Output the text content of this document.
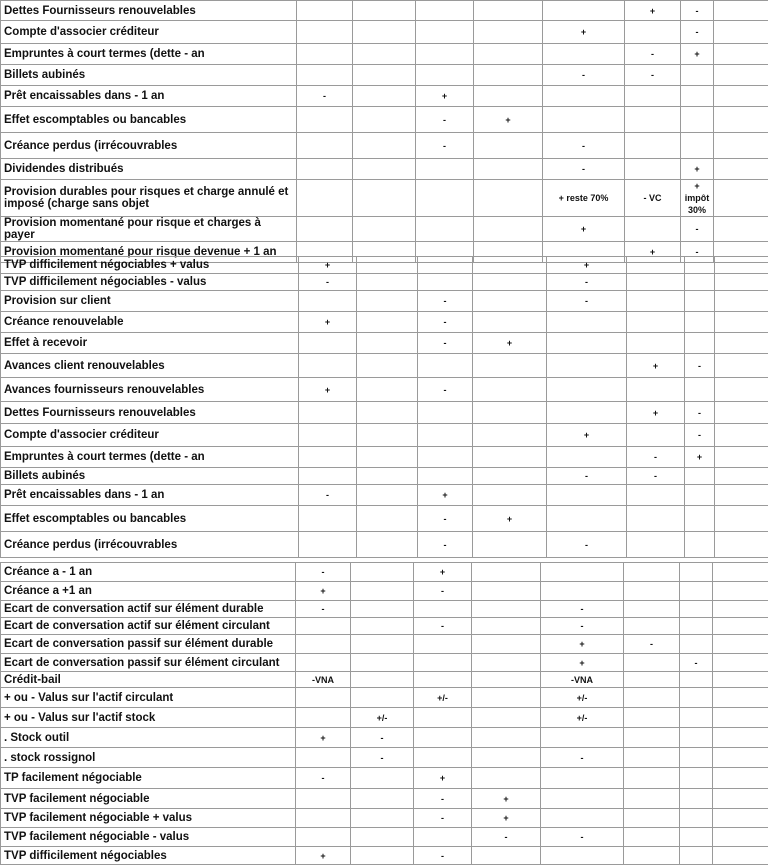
Dettes Fournisseurs renouvelables						+	-	
Compte d'associer créditeur					+		-	
Empruntes à court termes (dette - an						-	+	
Billets aubinés					-	-		
Prêt encaissables dans - 1 an	-		+					
Effet escomptables ou bancables			-	+				
Créance perdus (irrécouvrables			-		-			
Dividendes distribués					-		+	
Provision durables pour risques et charge annulé et imposé (charge sans objet					+ reste 70%	- VC	+ impôt 30%	
Provision momentané pour risque et charges à payer					+		-	
Provision momentané pour risque devenue + 1 an						+	-	
TVP difficilement négociables + valus	+				+			
TVP difficilement négociables - valus	-				-			
Provision sur client			-		-			
Créance renouvelable	+		-					
Effet à recevoir			-	+				
Avances client renouvelables						+	-	
Avances fournisseurs renouvelables	+		-					
Dettes Fournisseurs renouvelables						+	-	
Compte d'associer créditeur					+		-	
Empruntes à court termes (dette - an						-	+	
Billets aubinés					-	-		
Prêt encaissables dans - 1 an	-		+					
Effet escomptables ou bancables			-	+				
Créance perdus (irrécouvrables			-		-			
Créance a - 1 an	-		+					
Créance a +1 an	+		-					
Ecart de conversation actif sur élément durable	-				-			
Ecart de conversation actif sur élément circulant			-		-			
Ecart de conversation passif sur élément durable					+	-		
Ecart de conversation passif sur élément circulant					+		-	
Crédit-bail	-VNA				-VNA			
+ ou - Valus sur l'actif circulant			+/-		+/-			
+ ou - Valus sur l'actif stock		+/-			+/-			
. Stock outil	+	-						
. stock rossignol		-			-			
TP facilement négociable	-		+					
TVP facilement négociable			-	+				
TVP facilement négociable + valus			-	+				
TVP facilement négociable - valus				-	-			
TVP difficilement négociables	+		-					
